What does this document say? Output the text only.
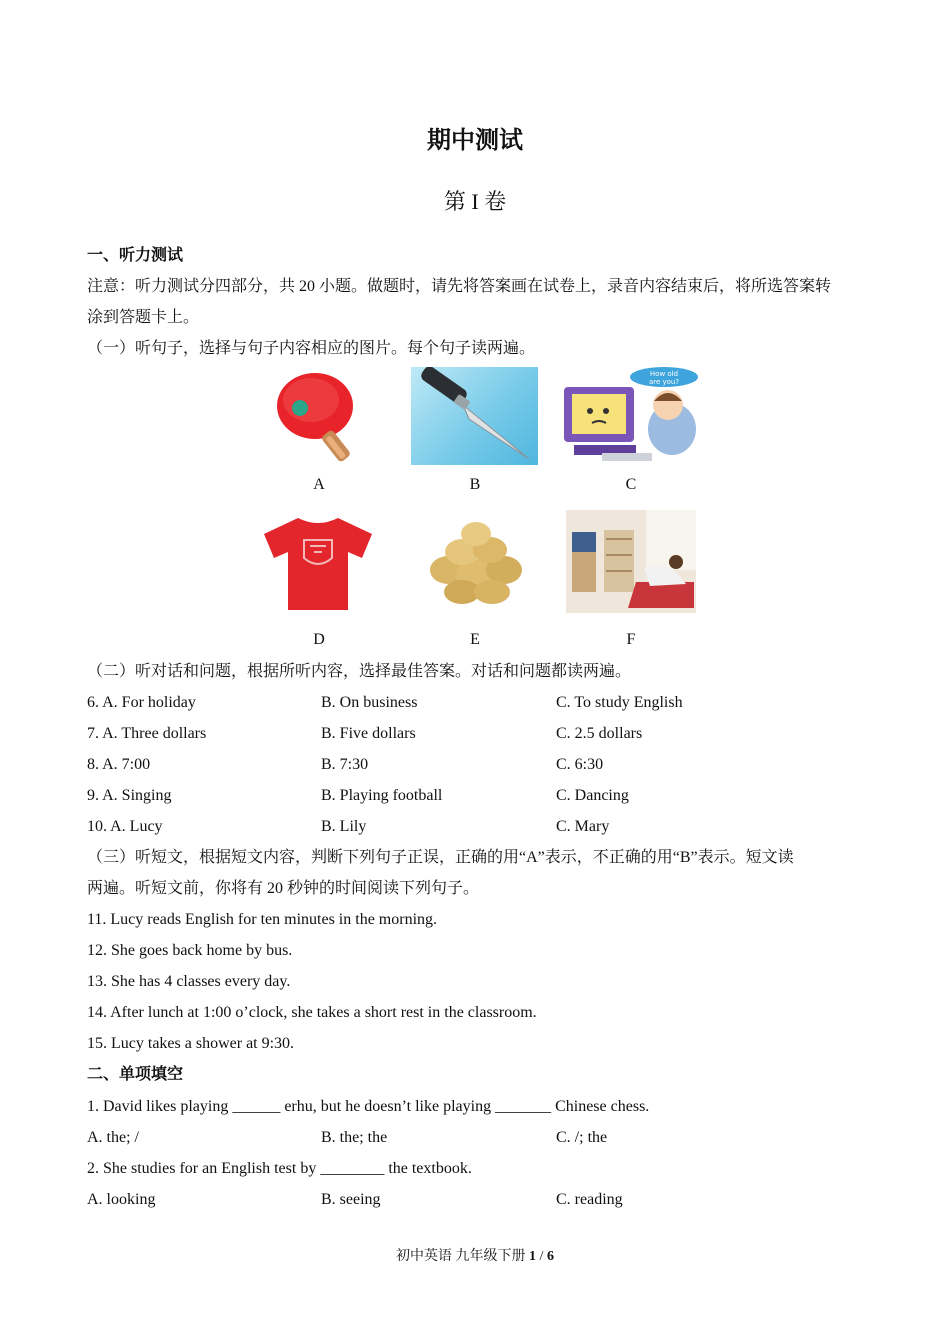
期中测试
第 I 卷
一、听力测试
注意：听力测试分四部分，共 20 小题。做题时，请先将答案画在试卷上，录音内容结束后，将所选答案转
涂到答题卡上。
（一）听句子，选择与句子内容相应的图片。每个句子读两遍。
A	B
How old
are you?
C
D	E	F
（二）听对话和问题，根据所听内容，选择最佳答案。对话和问题都读两遍。
6. A. For holiday	B. On business	C. To study English
7. A. Three dollars	B. Five dollars	C. 2.5 dollars
8. A. 7:00	B. 7:30	C. 6:30
9. A. Singing	B. Playing football	C. Dancing
10. A. Lucy	B. Lily	C. Mary
（三）听短文，根据短文内容，判断下列句子正误，正确的用“A”表示，不正确的用“B”表示。短文读
两遍。听短文前，你将有 20 秒钟的时间阅读下列句子。
11. Lucy reads English for ten minutes in the morning.
12. She goes back home by bus.
13. She has 4 classes every day.
14. After lunch at 1:00 o’clock, she takes a short rest in the classroom.
15. Lucy takes a shower at 9:30.
二、单项填空
1. David likes playing ______ erhu, but he doesn’t like playing _______ Chinese chess.
A. the; /	B. the; the	C. /; the
2. She studies for an English test by ________ the textbook.
A. looking	B. seeing	C. reading
初中英语 九年级下册 1 / 6
